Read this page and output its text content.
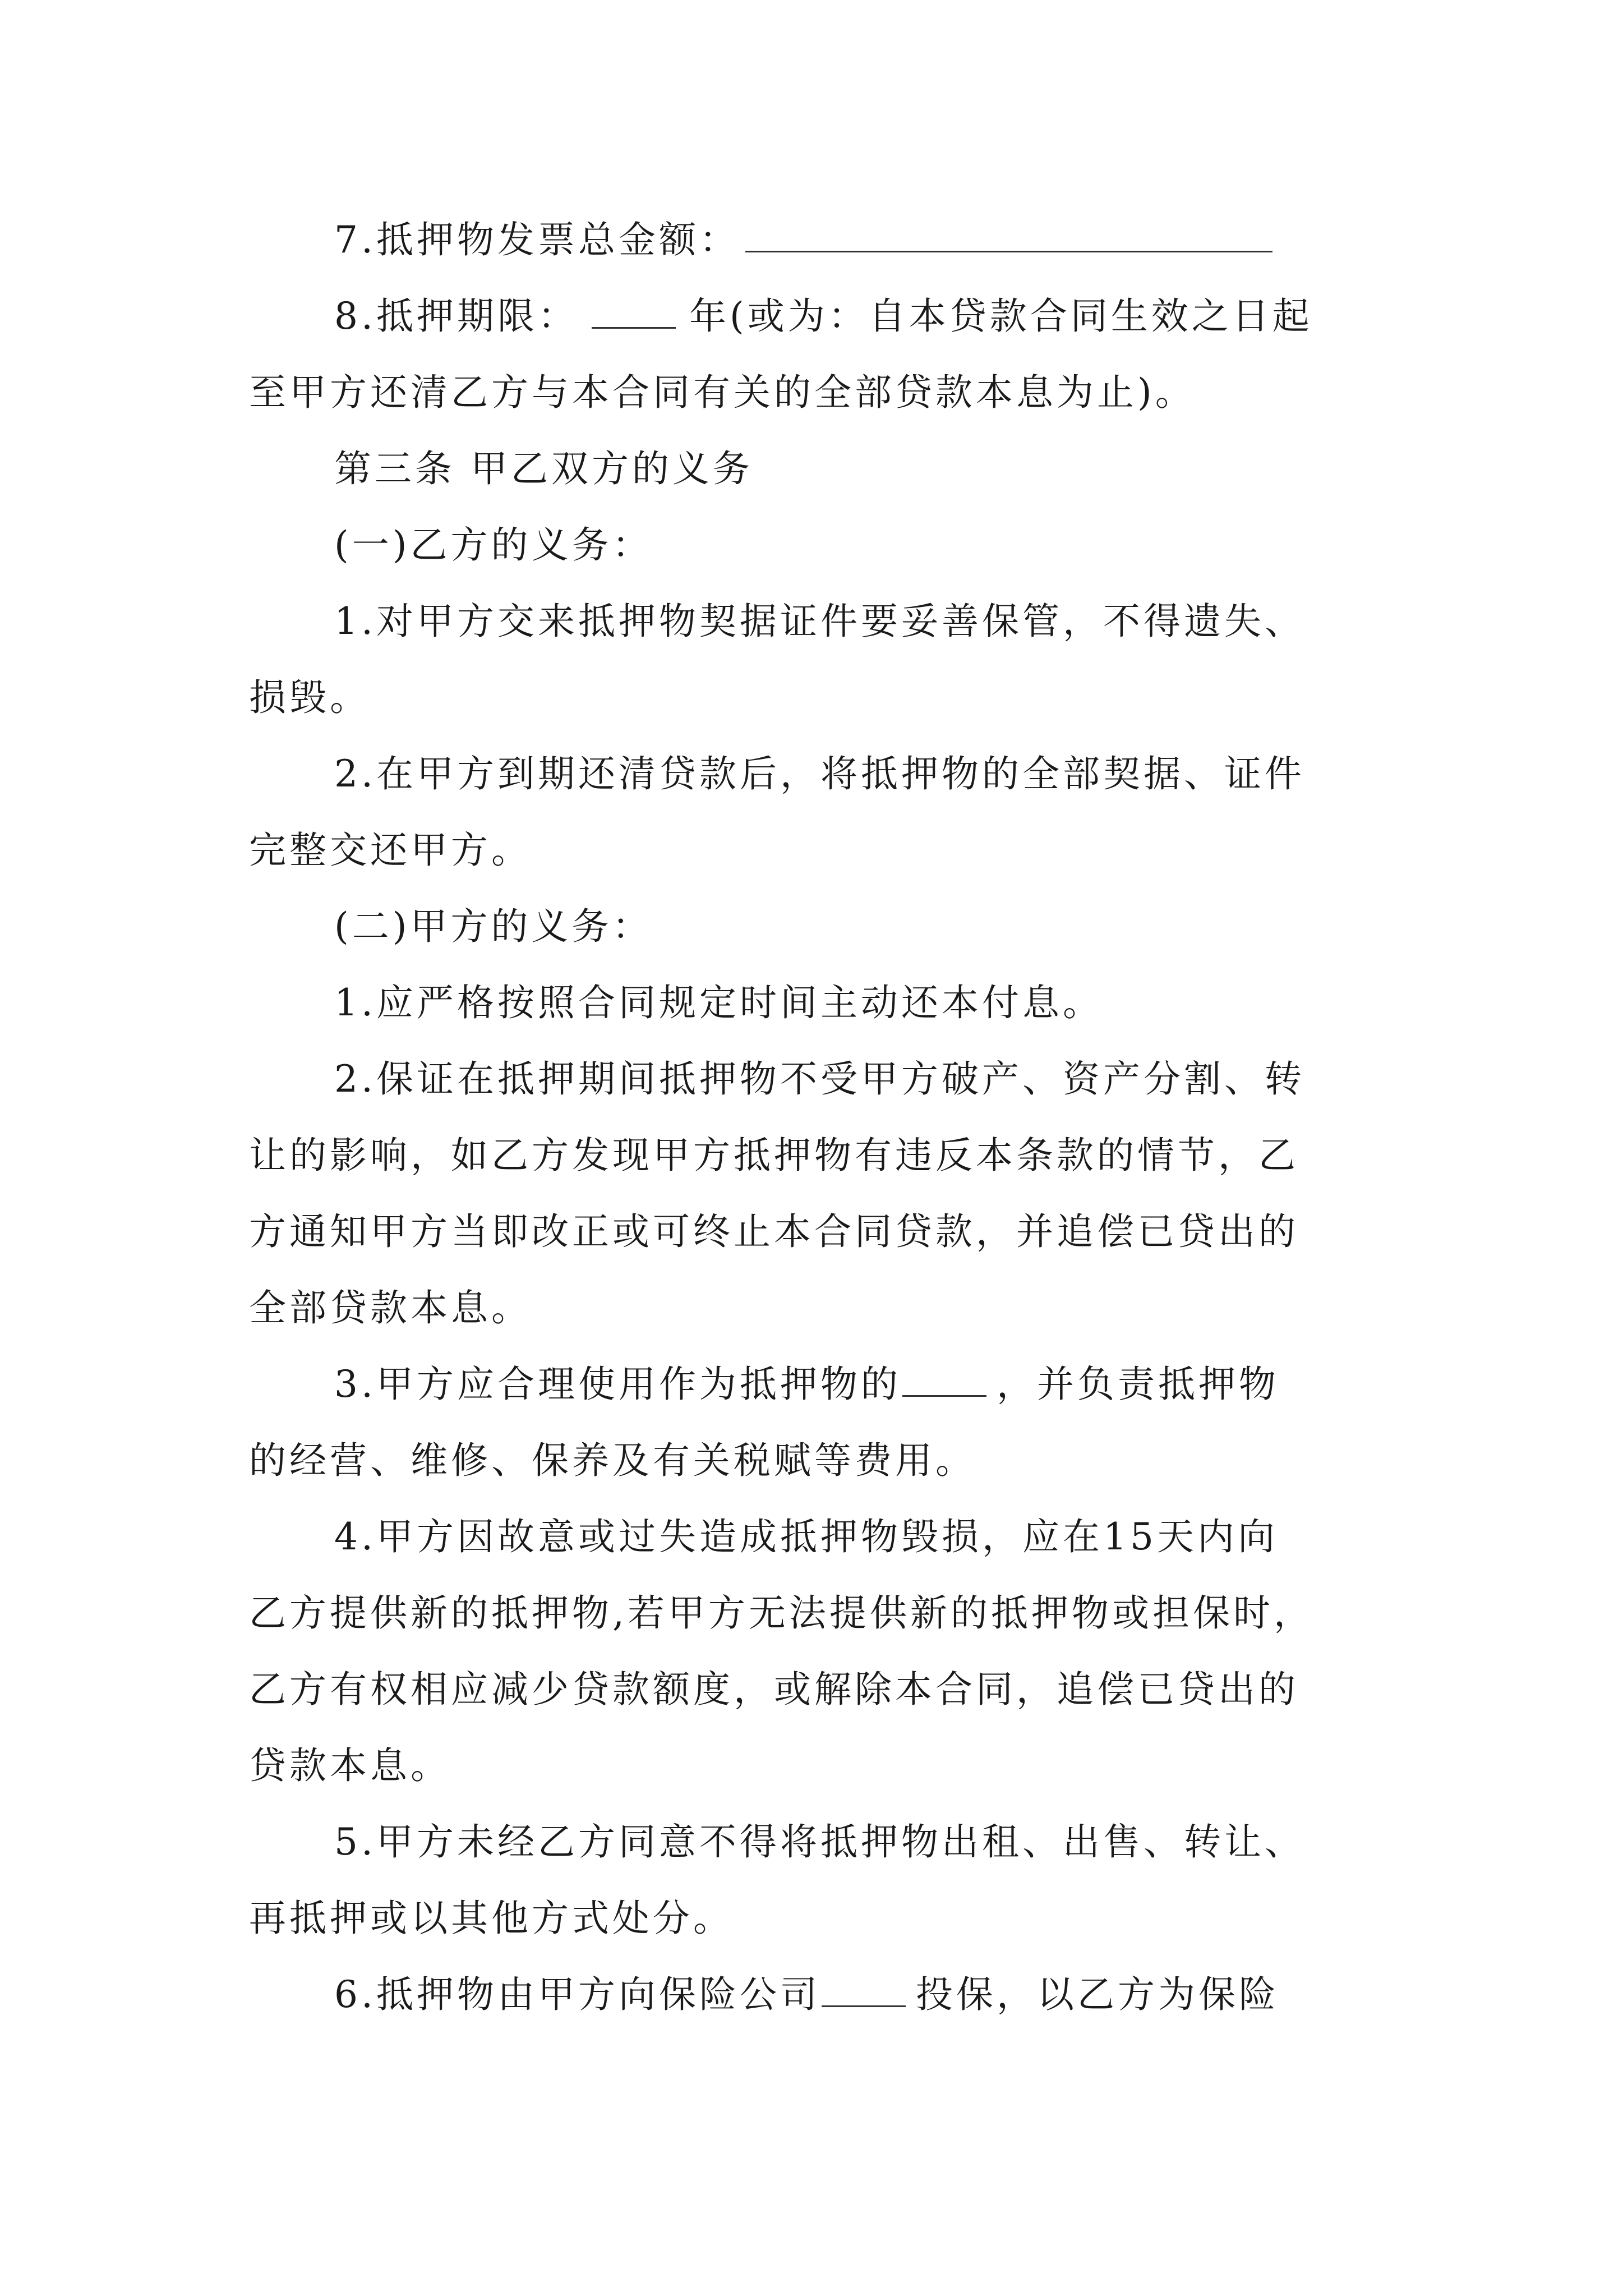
7.抵押物发票总金额：
8.抵押期限：	年(或为：自本贷款合同生效之日起
至甲方还清乙方与本合同有关的全部贷款本息为止)。
第三条 甲乙双方的义务
(一)乙方的义务：
1.对甲方交来抵押物契据证件要妥善保管，不得遗失、
损毁。
2.在甲方到期还清贷款后，将抵押物的全部契据、证件
完整交还甲方。
(二)甲方的义务：
1.应严格按照合同规定时间主动还本付息。
2.保证在抵押期间抵押物不受甲方破产、资产分割、转
让的影响，如乙方发现甲方抵押物有违反本条款的情节，乙
方通知甲方当即改正或可终止本合同贷款，并追偿已贷出的
全部贷款本息。
3.甲方应合理使用作为抵押物的	，并负责抵押物
的经营、维修、保养及有关税赋等费用。
4.甲方因故意或过失造成抵押物毁损，应在15天内向
乙方提供新的抵押物,若甲方无法提供新的抵押物或担保时，
乙方有权相应减少贷款额度，或解除本合同，追偿已贷出的
贷款本息。
5.甲方未经乙方同意不得将抵押物出租、出售、转让、
再抵押或以其他方式处分。
6.抵押物由甲方向保险公司	投保，以乙方为保险
